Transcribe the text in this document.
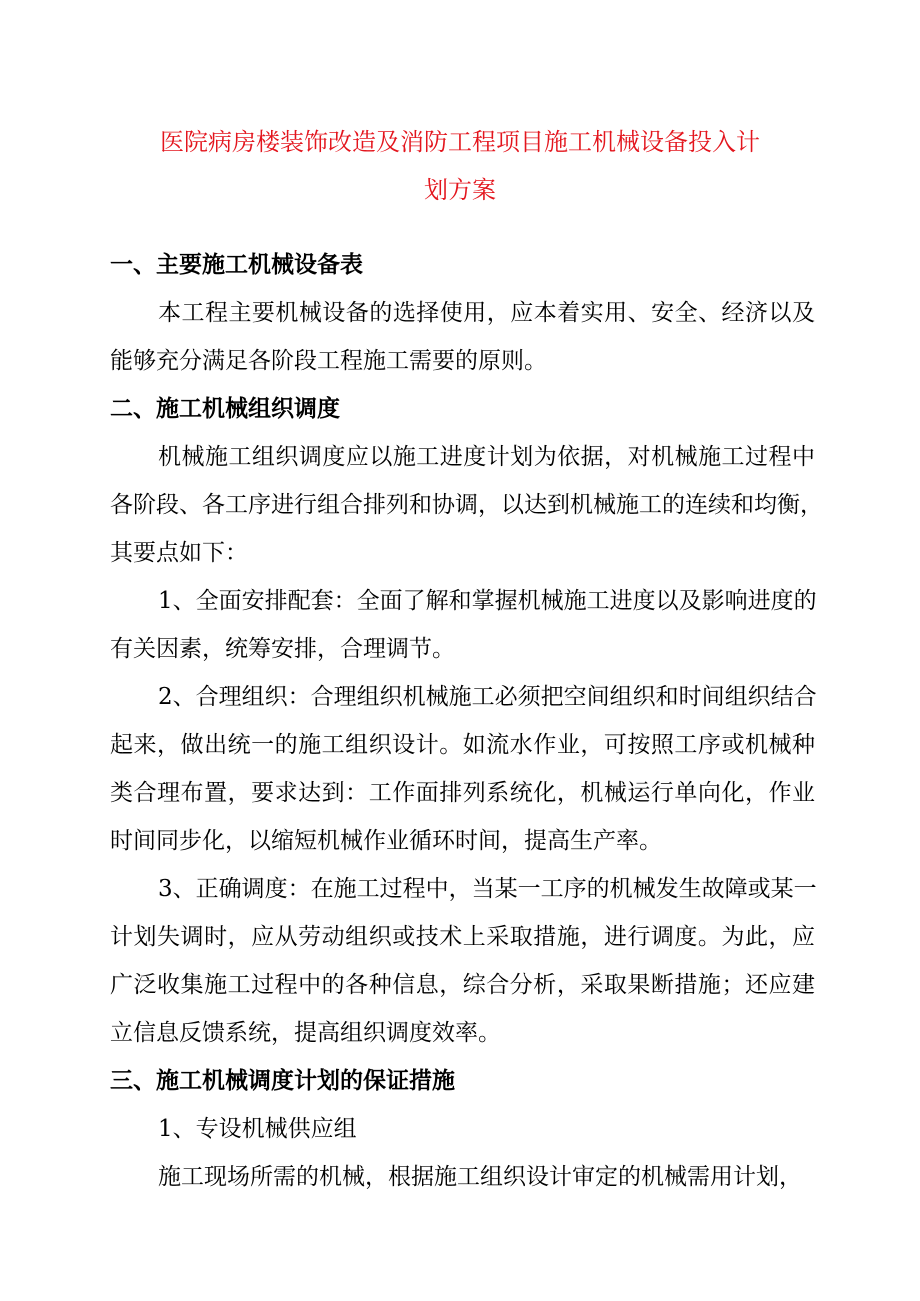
医院病房楼装饰改造及消防工程项目施工机械设备投入计
划方案
一、主要施工机械设备表
本工程主要机械设备的选择使用，应本着实用、安全、经济以及
能够充分满足各阶段工程施工需要的原则。
二、施工机械组织调度
机械施工组织调度应以施工进度计划为依据，对机械施工过程中
各阶段、各工序进行组合排列和协调，以达到机械施工的连续和均衡，
其要点如下：
1、全面安排配套：全面了解和掌握机械施工进度以及影响进度的
有关因素，统筹安排，合理调节。
2、合理组织：合理组织机械施工必须把空间组织和时间组织结合
起来，做出统一的施工组织设计。如流水作业，可按照工序或机械种
类合理布置，要求达到：工作面排列系统化，机械运行单向化，作业
时间同步化，以缩短机械作业循环时间，提高生产率。
3、正确调度：在施工过程中，当某一工序的机械发生故障或某一
计划失调时，应从劳动组织或技术上采取措施，进行调度。为此，应
广泛收集施工过程中的各种信息，综合分析，采取果断措施；还应建
立信息反馈系统，提高组织调度效率。
三、施工机械调度计划的保证措施
1、专设机械供应组
施工现场所需的机械，根据施工组织设计审定的机械需用计划，
